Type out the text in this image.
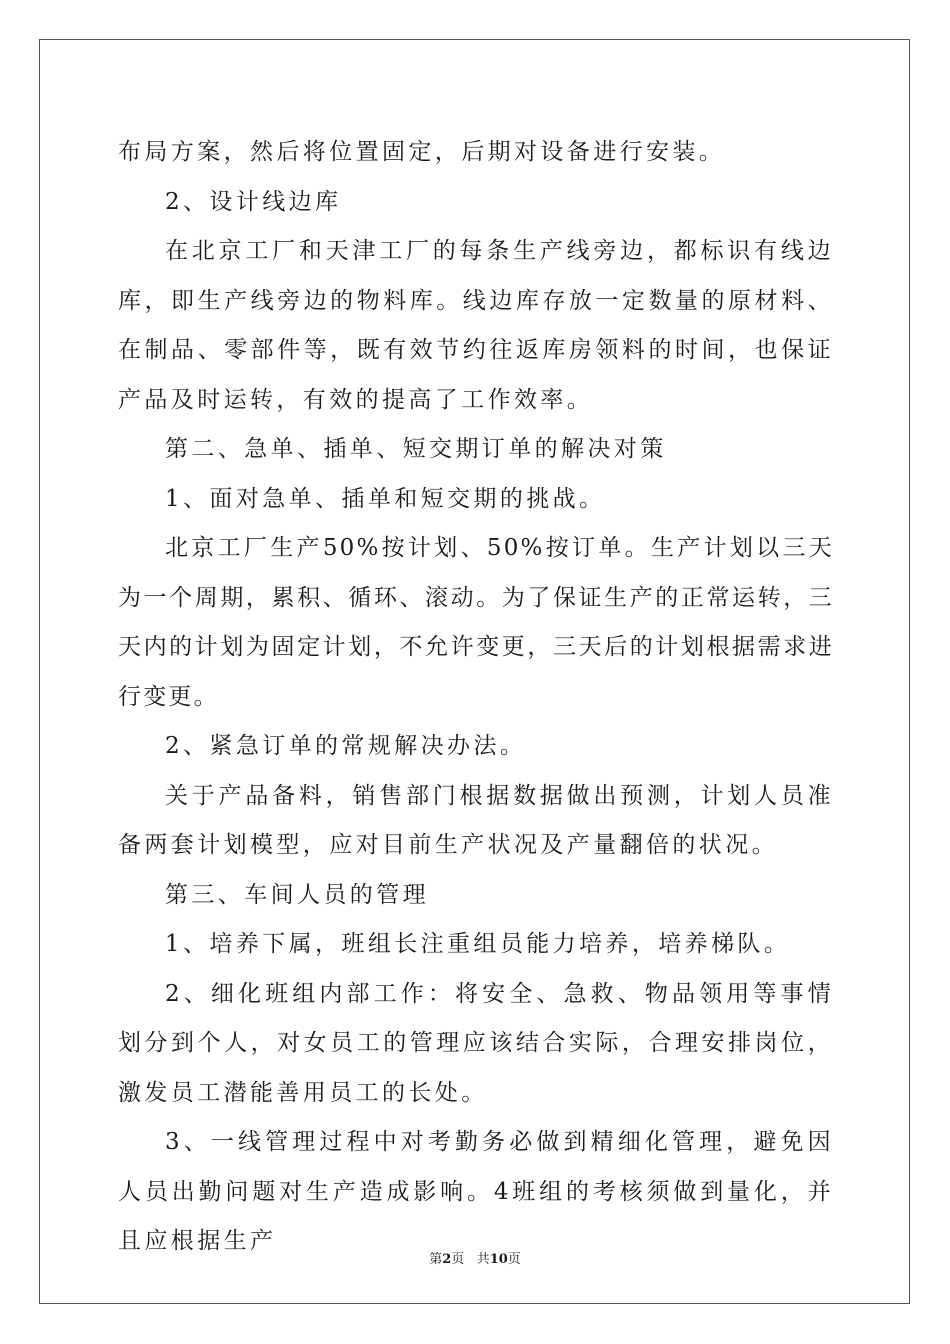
布局方案，然后将位置固定，后期对设备进行安装。

2、设计线边库

在北京工厂和天津工厂的每条生产线旁边，都标识有线边库，即生产线旁边的物料库。线边库存放一定数量的原材料、在制品、零部件等，既有效节约往返库房领料的时间，也保证产品及时运转，有效的提高了工作效率。

第二、急单、插单、短交期订单的解决对策

1、面对急单、插单和短交期的挑战。

北京工厂生产50%按计划、50%按订单。生产计划以三天为一个周期，累积、循环、滚动。为了保证生产的正常运转，三天内的计划为固定计划，不允许变更，三天后的计划根据需求进行变更。

2、紧急订单的常规解决办法。

关于产品备料，销售部门根据数据做出预测，计划人员准备两套计划模型，应对目前生产状况及产量翻倍的状况。

第三、车间人员的管理

1、培养下属，班组长注重组员能力培养，培养梯队。

2、细化班组内部工作：将安全、急救、物品领用等事情划分到个人，对女员工的管理应该结合实际，合理安排岗位，激发员工潜能善用员工的长处。

3、一线管理过程中对考勤务必做到精细化管理，避免因人员出勤问题对生产造成影响。4班组的考核须做到量化，并且应根据生产

第2页 共10页
